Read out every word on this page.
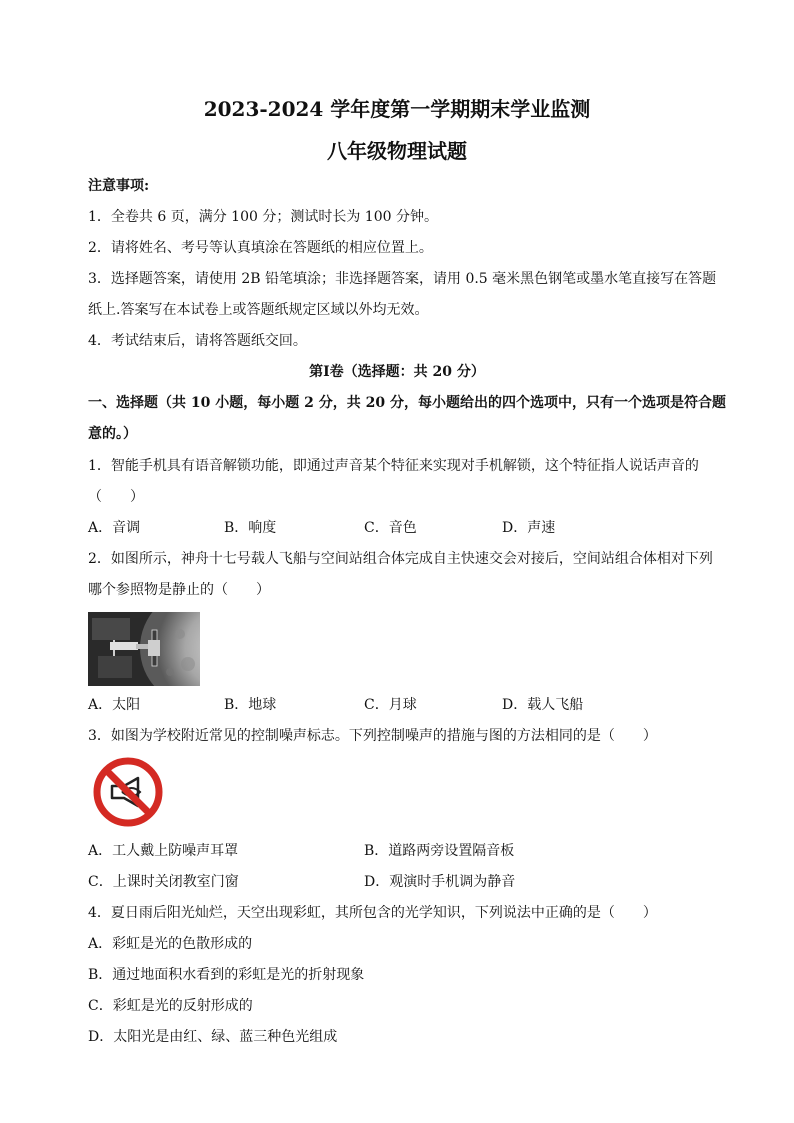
2023-2024 学年度第一学期期末学业监测
八年级物理试题
注意事项:
1．全卷共 6 页，满分 100 分；测试时长为 100 分钟。
2．请将姓名、考号等认真填涂在答题纸的相应位置上。
3．选择题答案，请使用 2B 铅笔填涂；非选择题答案，请用 0.5 毫米黑色钢笔或墨水笔直接写在答题
纸上.答案写在本试卷上或答题纸规定区域以外均无效。
4．考试结束后，请将答题纸交回。
第Ⅰ卷（选择题：共 20 分）
一、选择题（共 10 小题，每小题 2 分，共 20 分，每小题给出的四个选项中，只有一个选项是符合题
意的。）
1．智能手机具有语音解锁功能，即通过声音某个特征来实现对手机解锁，这个特征指人说话声音的
（　　）
A．音调	B．响度	C．音色	D．声速
2．如图所示，神舟十七号载人飞船与空间站组合体完成自主快速交会对接后，空间站组合体相对下列
哪个参照物是静止的（　　）
A．太阳	B．地球	C．月球	D．载人飞船
3．如图为学校附近常见的控制噪声标志。下列控制噪声的措施与图的方法相同的是（　　）
A．工人戴上防噪声耳罩	B．道路两旁设置隔音板
C．上课时关闭教室门窗	D．观演时手机调为静音
4．夏日雨后阳光灿烂，天空出现彩虹，其所包含的光学知识，下列说法中正确的是（　　）
A．彩虹是光的色散形成的
B．通过地面积水看到的彩虹是光的折射现象
C．彩虹是光的反射形成的
D．太阳光是由红、绿、蓝三种色光组成
